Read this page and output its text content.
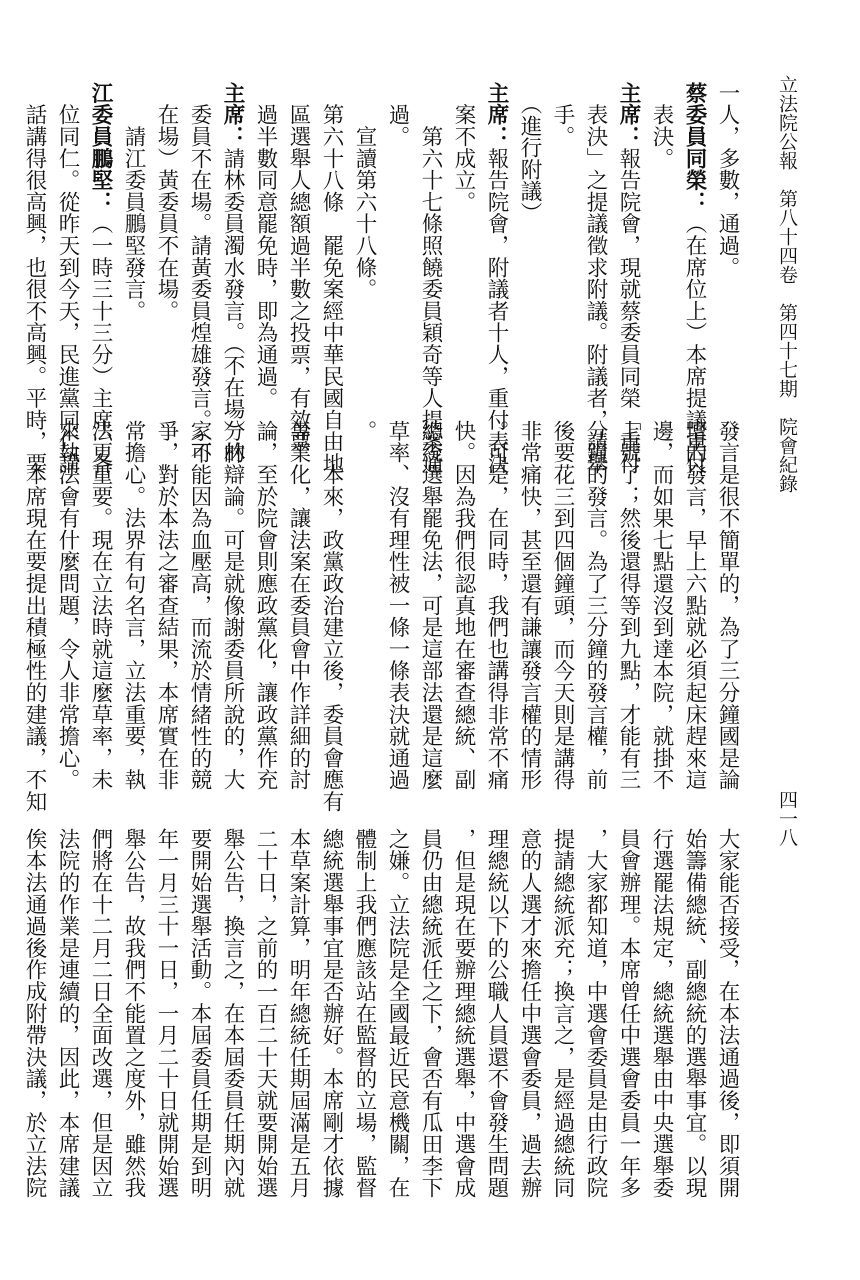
立法院公報　第八十四卷　第四十七期　院會紀錄
四一八
一人，多數，通過。
蔡委員同榮：（在席位上）本席提議重付
　表決。
主席：報告院會，現就蔡委員同榮「重付
　表決」之提議徵求附議。附議者，請舉
　手。
　（進行附議）
主席：報告院會，附議者十人，重付表決
　案不成立。
　　第六十七條照饒委員穎奇等人提案通
　過。
　　宣讀第六十八條。
　第六十八條　罷免案經中華民國自由地
　區選舉人總額過半數之投票，有效票
　過半數同意罷免時，即為通過。
主席：請林委員濁水發言。（不在場）林
　委員不在場。請黃委員煌雄發言。（不
　在場）黃委員不在場。
　　請江委員鵬堅發言。
江委員鵬堅：（一時三十三分）主席、各
　位同仁。從昨天到今天，民進黨同仁講
　話講得很高興，也很不高興。平時，要
發言是很不簡單的，為了三分鐘國是論
壇的發言，早上六點就必須起床趕來這
邊，而如果七點還沒到達本院，就掛不
上號了；然後還得等到九點，才能有三
分鐘的發言。為了三分鐘的發言權，前
後要花三到四個鐘頭，而今天則是講得
非常痛快，甚至還有謙讓發言權的情形
。可是，在同時，我們也講得非常不痛
快。因為我們很認真地在審查總統、副
總統選舉罷免法，可是這部法還是這麼
草率、沒有理性被一條一條表決就通過
。
　　本來，政黨政治建立後，委員會應有
專業化，讓法案在委員會中作詳細的討
論，至於院會則應政黨化，讓政黨作充
分的辯論。可是就像謝委員所說的，大
家可能因為血壓高，而流於情緒性的競
爭，對於本法之審查結果，本席實在非
常擔心。法界有句名言，立法重要，執
法更重要。現在立法時就這麼草率，未
來執法會有什麼問題，令人非常擔心。
　　本席現在要提出積極性的建議，不知
大家能否接受，在本法通過後，即須開
始籌備總統、副總統的選舉事宜。以現
行選罷法規定，總統選舉由中央選舉委
員會辦理。本席曾任中選會委員一年多
，大家都知道，中選會委員是由行政院
提請總統派充；換言之，是經過總統同
意的人選才來擔任中選會委員，過去辦
理總統以下的公職人員還不會發生問題
，但是現在要辦理總統選舉，中選會成
員仍由總統派任之下，會否有瓜田李下
之嫌。立法院是全國最近民意機關，在
體制上我們應該站在監督的立場，監督
總統選舉事宜是否辦好。本席剛才依據
本草案計算，明年總統任期屆滿是五月
二十日，之前的一百二十天就要開始選
舉公告，換言之，在本屆委員任期內就
要開始選舉活動。本屆委員任期是到明
年一月三十一日，一月二十日就開始選
舉公告，故我們不能置之度外，雖然我
們將在十二月二日全面改選，但是因立
法院的作業是連續的，因此，本席建議
俟本法通過後作成附帶決議，於立法院
